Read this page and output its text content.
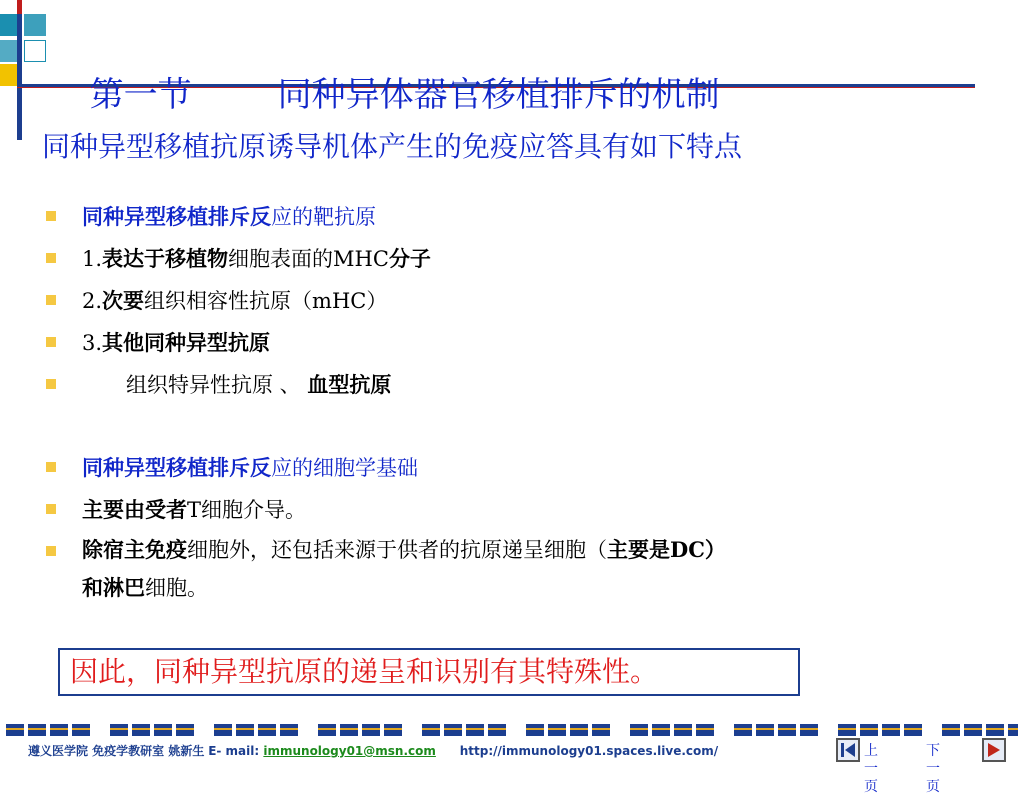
第一节	同种异体器官移植排斥的机制

同种异型移植抗原诱导机体产生的免疫应答具有如下特点
同种异型移植排斥反应的靶抗原
1.表达于移植物细胞表面的MHC分子
2.次要组织相容性抗原（mHC）
3.其他同种异型抗原
组织特异性抗原 、 血型抗原
同种异型移植排斥反应的细胞学基础
主要由受者T细胞介导。
除宿主免疫细胞外，还包括来源于供者的抗原递呈细胞（主要是DC）
和淋巴细胞。
因此，同种异型抗原的递呈和识别有其特殊性。
遵义医学院 免疫学教研室 姚新生 E- mail: immunology01@msn.com http://immunology01.spaces.live.com/	上一页
下一页
